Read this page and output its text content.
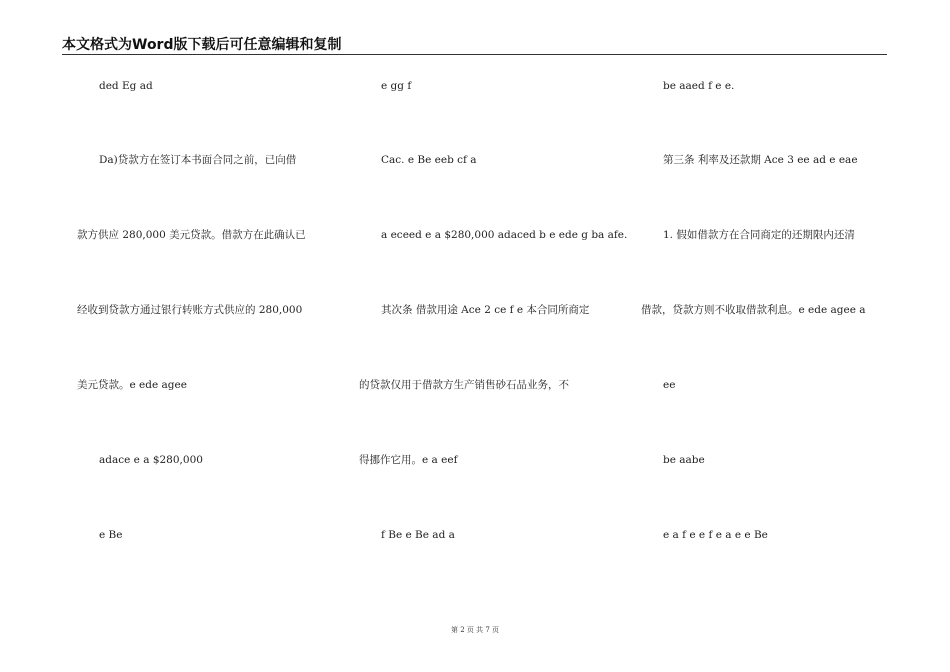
本文格式为Word版下载后可任意编辑和复制
ded Eg ad
Da)贷款方在签订本书面合同之前，已向借
款方供应 280,000 美元贷款。借款方在此确认已
经收到贷款方通过银行转账方式供应的 280,000
美元贷款。e ede agee
adace e a $280,000
e Be
e gg f
Cac. e Be eeb cf a
a eceed e a $280,000 adaced b e ede g ba afe.
其次条 借款用途 Ace 2 ce f e 本合同所商定
的贷款仅用于借款方生产销售砂石品业务，不
得挪作它用。e a eef
f Be e Be ad a
be aaed f e e.
第三条 利率及还款期 Ace 3 ee ad e eae
1. 假如借款方在合同商定的还期限内还清
借款，贷款方则不收取借款利息。e ede agee a
ee
be aabe
e a f e e f e a e e Be
第 2 页 共 7 页
